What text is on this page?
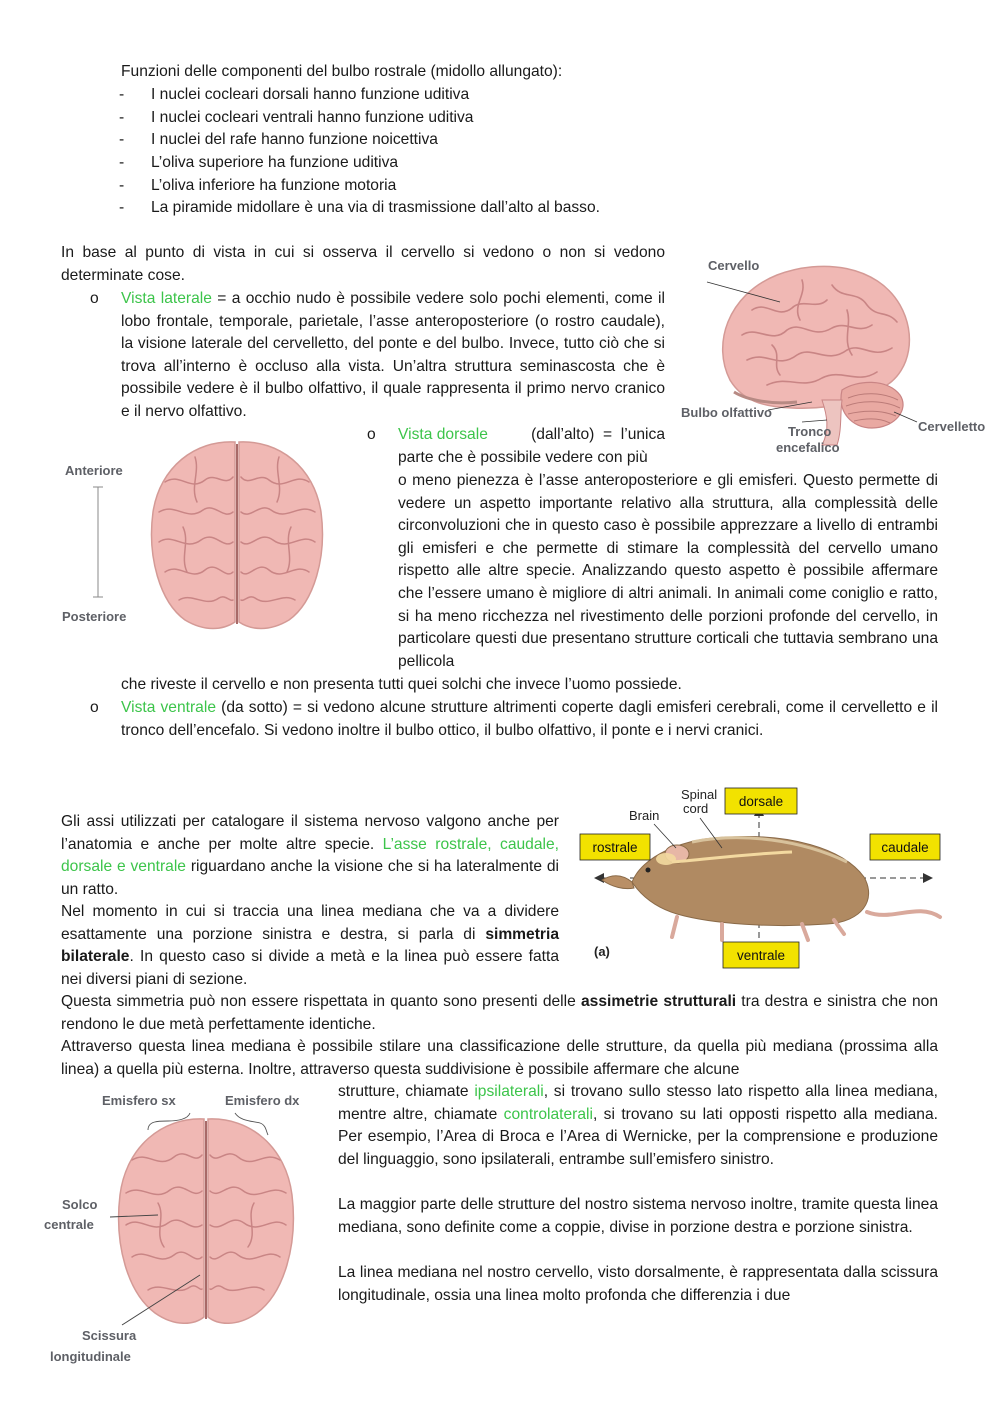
Funzioni delle componenti del bulbo rostrale (midollo allungato):
- I nuclei cocleari dorsali hanno funzione uditiva
- I nuclei cocleari ventrali hanno funzione uditiva
- I nuclei del rafe hanno funzione noicettiva
- L’oliva superiore ha funzione uditiva
- L’oliva inferiore ha funzione motoria
- La piramide midollare è una via di trasmissione dall’alto al basso.
In base al punto di vista in cui si osserva il cervello si vedono o non si vedono determinate cose.
o Vista laterale = a occhio nudo è possibile vedere solo pochi elementi, come il lobo frontale, temporale, parietale, l’asse anteroposteriore (o rostro caudale), la visione laterale del cervelletto, del ponte e del bulbo. Invece, tutto ciò che si trova all’interno è occluso alla vista. Un’altra struttura seminascosta che è possibile vedere è il bulbo olfattivo, il quale rappresenta il primo nervo cranico e il nervo olfattivo.
o Vista dorsale	(dall’alto)  =  l’unica
parte che è possibile vedere con più
o meno pienezza è l’asse anteroposteriore e gli emisferi. Questo permette di vedere un aspetto importante relativo alla struttura, alla complessità delle circonvoluzioni che in questo caso è possibile apprezzare a livello di entrambi gli emisferi e che permette di stimare la complessità del cervello umano rispetto alle altre specie. Analizzando questo aspetto è possibile affermare che l’essere umano è migliore di altri animali. In animali come coniglio e ratto, si ha meno ricchezza nel rivestimento delle porzioni profonde del cervello, in particolare questi due presentano strutture corticali che tuttavia sembrano una pellicola
che riveste il cervello e non presenta tutti quei solchi che invece l’uomo possiede.
o Vista ventrale (da sotto) = si vedono alcune strutture altrimenti coperte dagli emisferi cerebrali, come il cervelletto e il tronco dell’encefalo. Si vedono inoltre il bulbo ottico, il bulbo olfattivo, il ponte e i nervi cranici.
Cervello
Bulbo olfattivo
Tronco
encefalico
Cervelletto
Anteriore
Posteriore
Gli assi utilizzati per catalogare il sistema nervoso valgono anche per l’anatomia e anche per molte altre specie. L’asse rostrale, caudale, dorsale e ventrale riguardano anche la visione che si ha lateralmente di un ratto.
Nel momento in cui si traccia una linea mediana che va a dividere esattamente una porzione sinistra e destra, si parla di simmetria bilaterale. In questo caso si divide a metà e la linea può essere fatta nei diversi piani di sezione.
Questa simmetria può non essere rispettata in quanto sono presenti delle assimetrie strutturali tra destra e sinistra che non rendono le due metà perfettamente identiche.
Attraverso questa linea mediana è possibile stilare una classificazione delle strutture, da quella più mediana (prossima alla linea) a quella più esterna. Inoltre, attraverso questa suddivisione è possibile affermare che alcune
strutture, chiamate ipsilaterali, si trovano sullo stesso lato rispetto alla linea mediana, mentre altre, chiamate controlaterali, si trovano su lati opposti rispetto alla mediana. Per esempio, l’Area di Broca e l’Area di Wernicke, per la comprensione e produzione del linguaggio, sono ipsilaterali, entrambe sull’emisfero sinistro.
La maggior parte delle strutture del nostro sistema nervoso inoltre, tramite questa linea mediana, sono definite come a coppie, divise in porzione destra e porzione sinistra.
La linea mediana nel nostro cervello, visto dorsalmente, è rappresentata dalla scissura longitudinale, ossia una linea molto profonda che differenzia i due
dorsale
rostrale	caudale
ventrale
Spinal
cord
Brain
(a)
Emisfero sx	Emisfero dx
Solco
centrale
Scissura
longitudinale
